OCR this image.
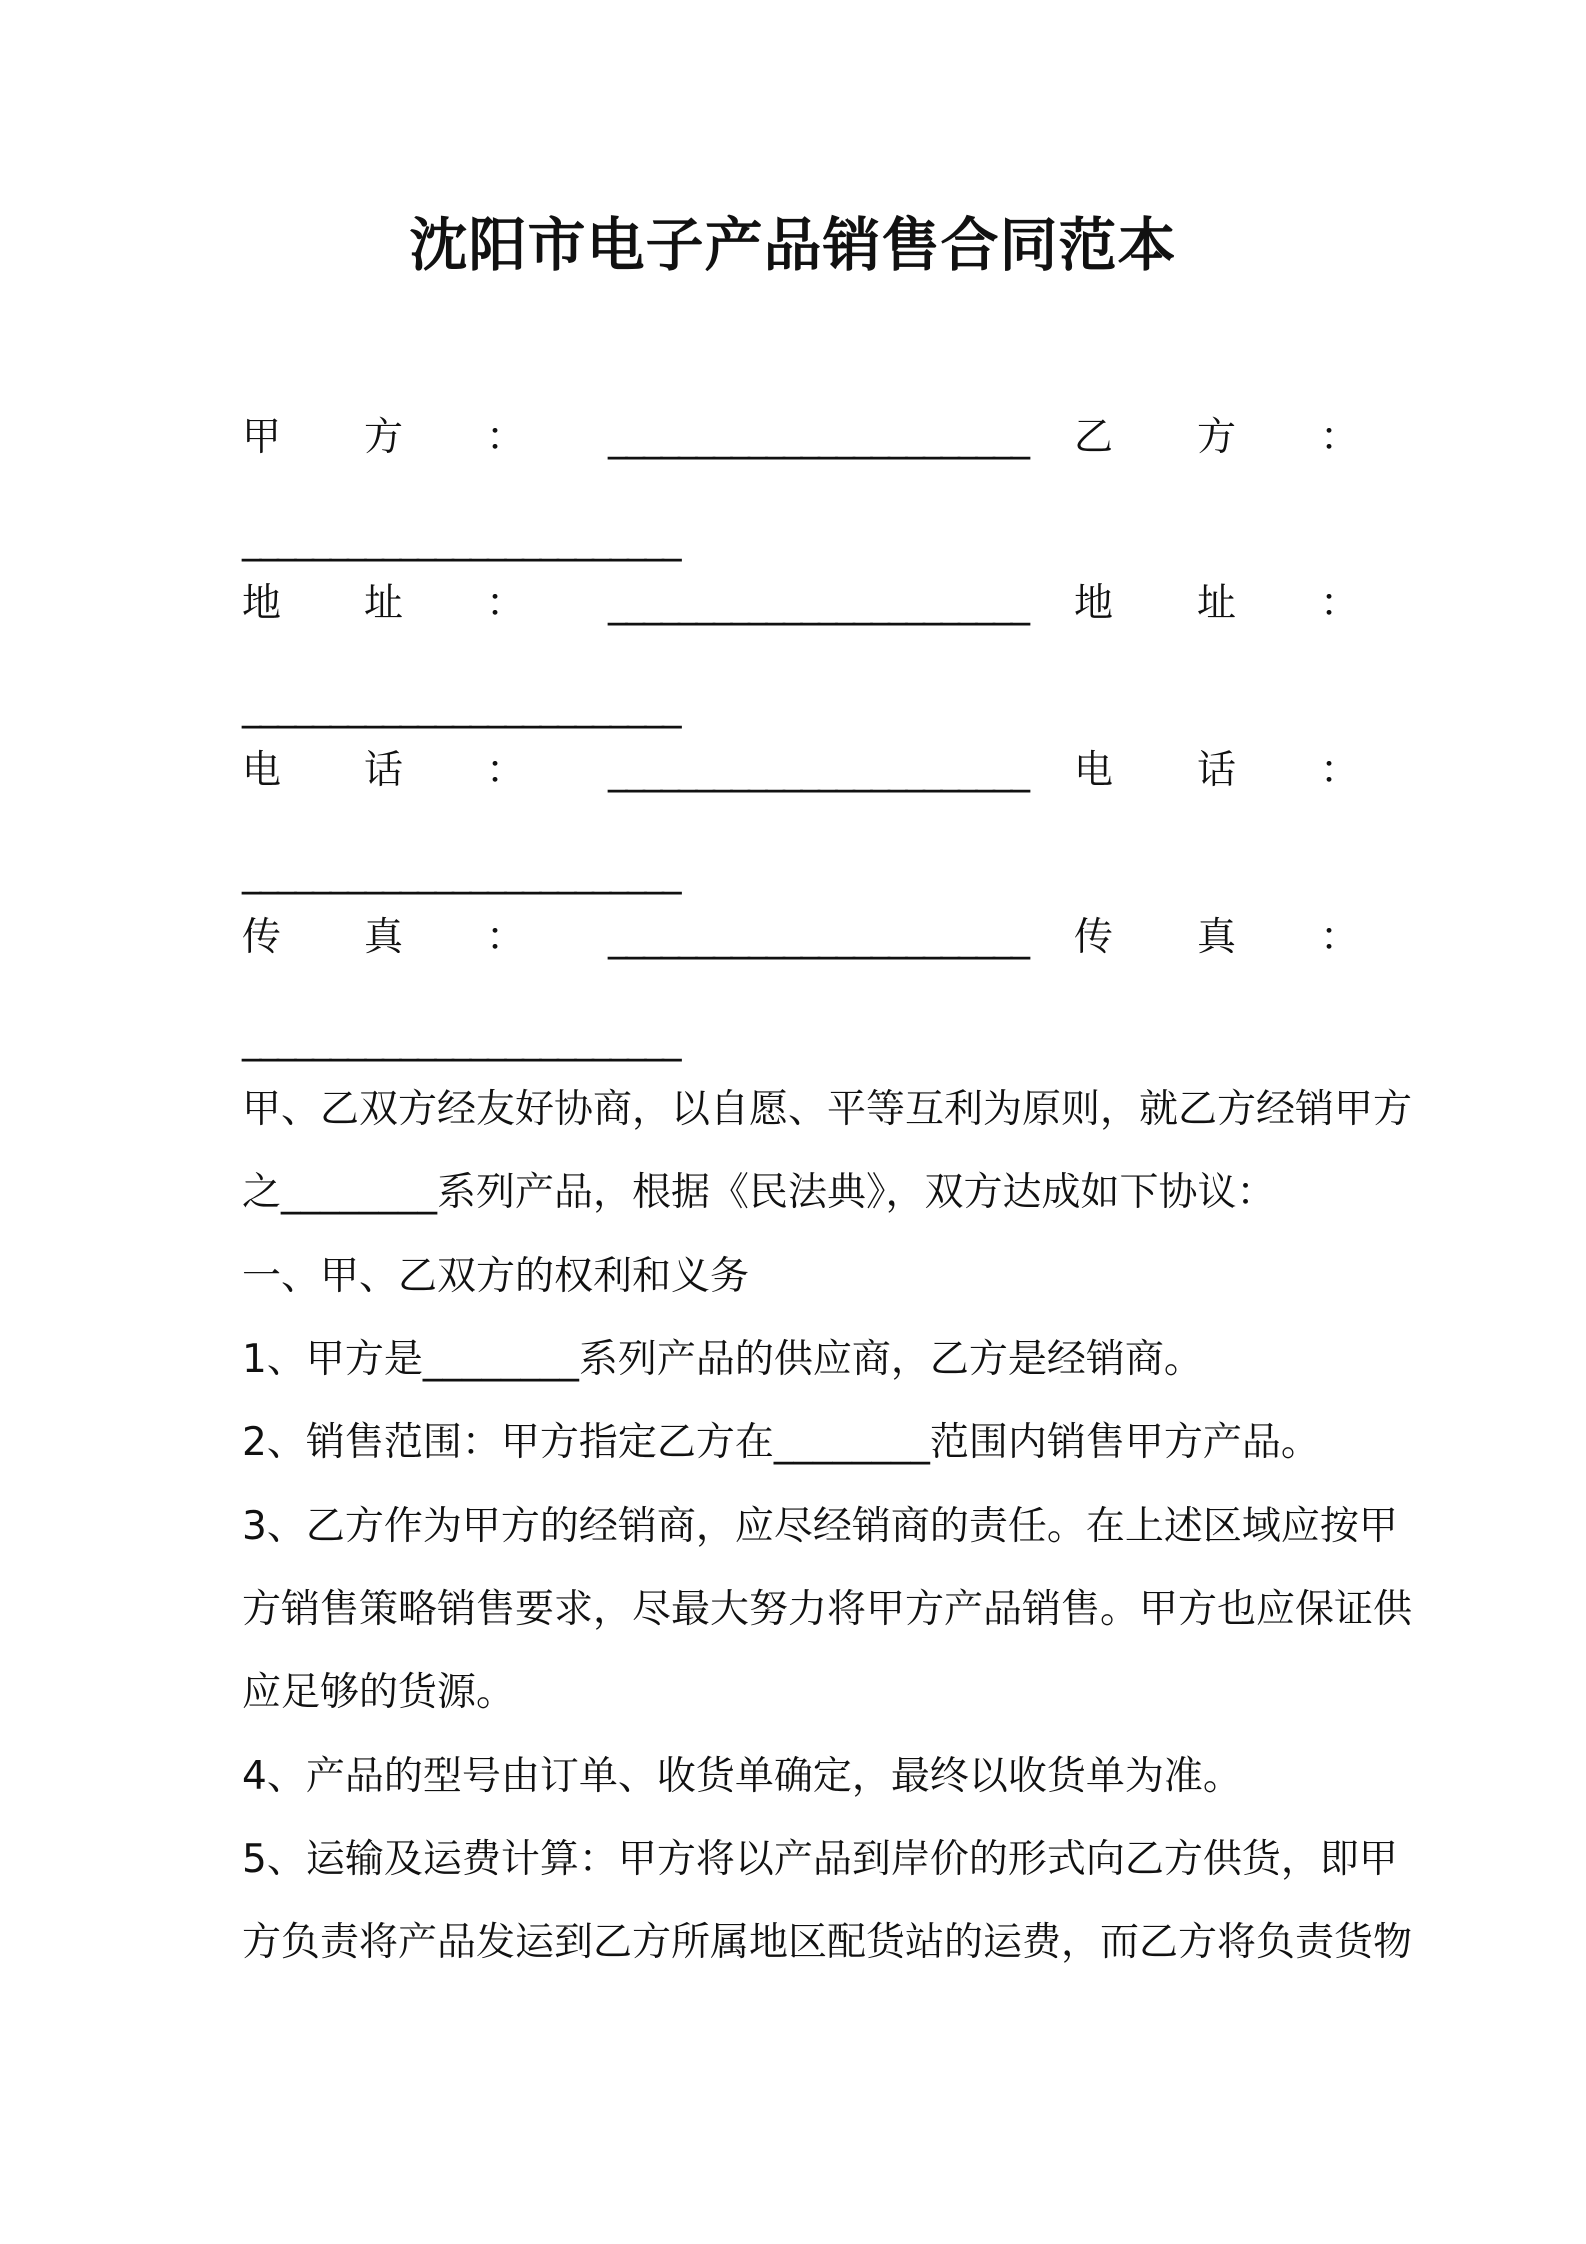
沈阳市电子产品销售合同范本
甲 方 ： ________________________ 乙 方 ：
_________________________
地 址 ： ________________________ 地 址 ：
_________________________
电 话 ： ________________________ 电 话 ：
_________________________
传 真 ： ________________________ 传 真 ：
_________________________
甲、乙双方经友好协商，以自愿、平等互利为原则，就乙方经销甲方
之________系列产品，根据《民法典》，双方达成如下协议：
一、甲、乙双方的权利和义务
1、甲方是________系列产品的供应商，乙方是经销商。
2、销售范围：甲方指定乙方在________范围内销售甲方产品。
3、乙方作为甲方的经销商，应尽经销商的责任。在上述区域应按甲
方销售策略销售要求，尽最大努力将甲方产品销售。甲方也应保证供
应足够的货源。
4、产品的型号由订单、收货单确定，最终以收货单为准。
5、运输及运费计算：甲方将以产品到岸价的形式向乙方供货，即甲
方负责将产品发运到乙方所属地区配货站的运费，而乙方将负责货物
